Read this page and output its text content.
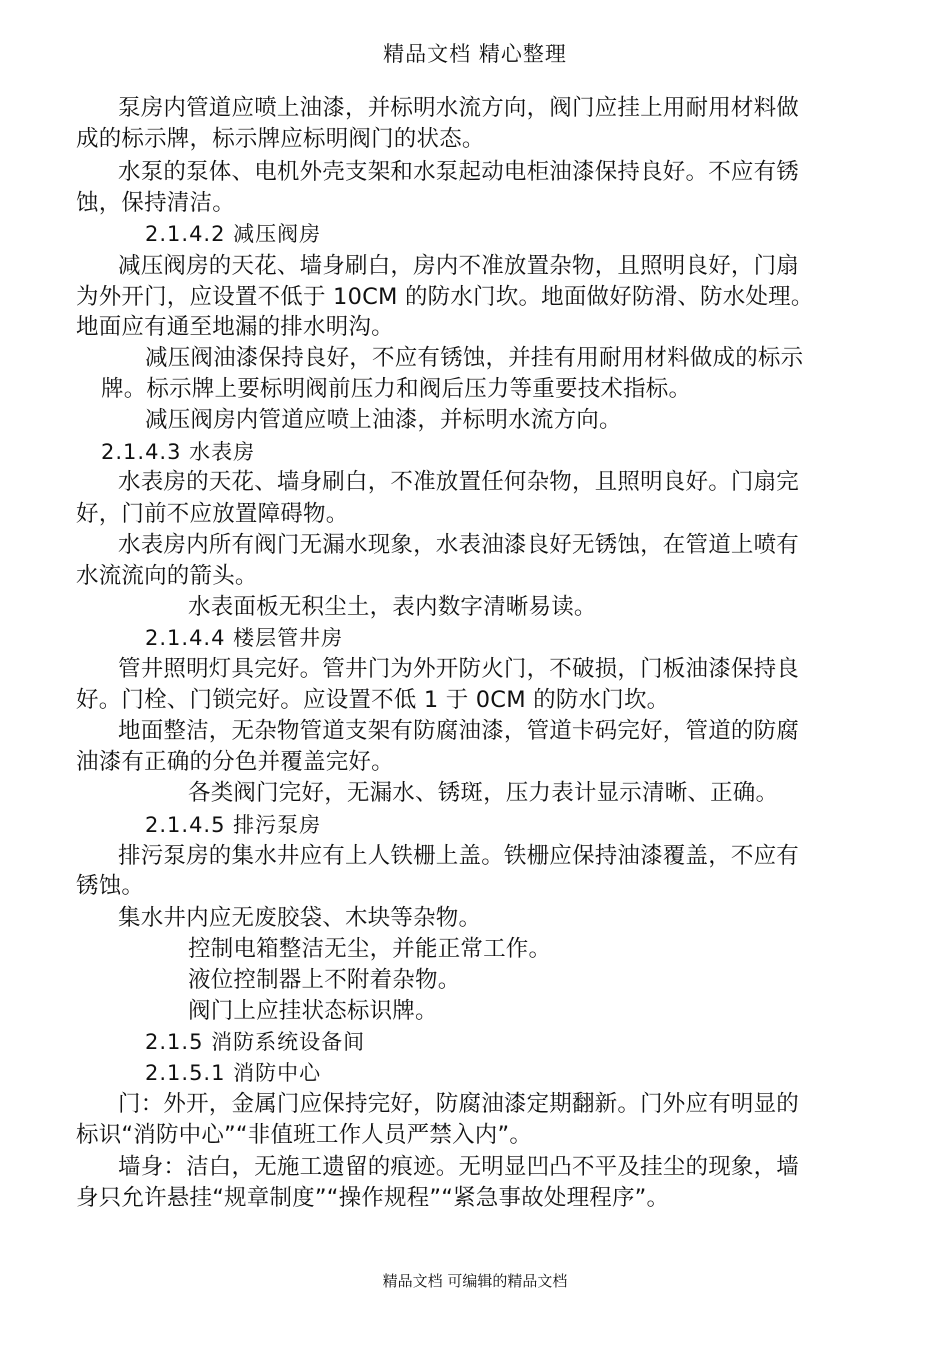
精品文档 精心整理
泵房内管道应喷上油漆，并标明水流方向，阀门应挂上用耐用材料做
成的标示牌，标示牌应标明阀门的状态。
水泵的泵体、电机外壳支架和水泵起动电柜油漆保持良好。不应有锈
蚀，保持清洁。
2.1.4.2 减压阀房
减压阀房的天花、墙身刷白，房内不准放置杂物，且照明良好，门扇
为外开门，应设置不低于 10CM 的防水门坎。地面做好防滑、防水处理。
地面应有通至地漏的排水明沟。
减压阀油漆保持良好，不应有锈蚀，并挂有用耐用材料做成的标示
牌。标示牌上要标明阀前压力和阀后压力等重要技术指标。
减压阀房内管道应喷上油漆，并标明水流方向。
2.1.4.3 水表房
水表房的天花、墙身刷白，不准放置任何杂物，且照明良好。门扇完
好，门前不应放置障碍物。
水表房内所有阀门无漏水现象，水表油漆良好无锈蚀，在管道上喷有
水流流向的箭头。
水表面板无积尘土，表内数字清晰易读。
2.1.4.4 楼层管井房
管井照明灯具完好。管井门为外开防火门，不破损，门板油漆保持良
好。门栓、门锁完好。应设置不低 1 于 0CM 的防水门坎。
地面整洁，无杂物管道支架有防腐油漆，管道卡码完好，管道的防腐
油漆有正确的分色并覆盖完好。
各类阀门完好，无漏水、锈斑，压力表计显示清晰、正确。
2.1.4.5 排污泵房
排污泵房的集水井应有上人铁栅上盖。铁栅应保持油漆覆盖，不应有
锈蚀。
集水井内应无废胶袋、木块等杂物。
控制电箱整洁无尘，并能正常工作。
液位控制器上不附着杂物。
阀门上应挂状态标识牌。
2.1.5 消防系统设备间
2.1.5.1 消防中心
门：外开，金属门应保持完好，防腐油漆定期翻新。门外应有明显的
标识“消防中心”“非值班工作人员严禁入内”。
墙身：洁白，无施工遗留的痕迹。无明显凹凸不平及挂尘的现象，墙
身只允许悬挂“规章制度”“操作规程”“紧急事故处理程序”。
精品文档 可编辑的精品文档
